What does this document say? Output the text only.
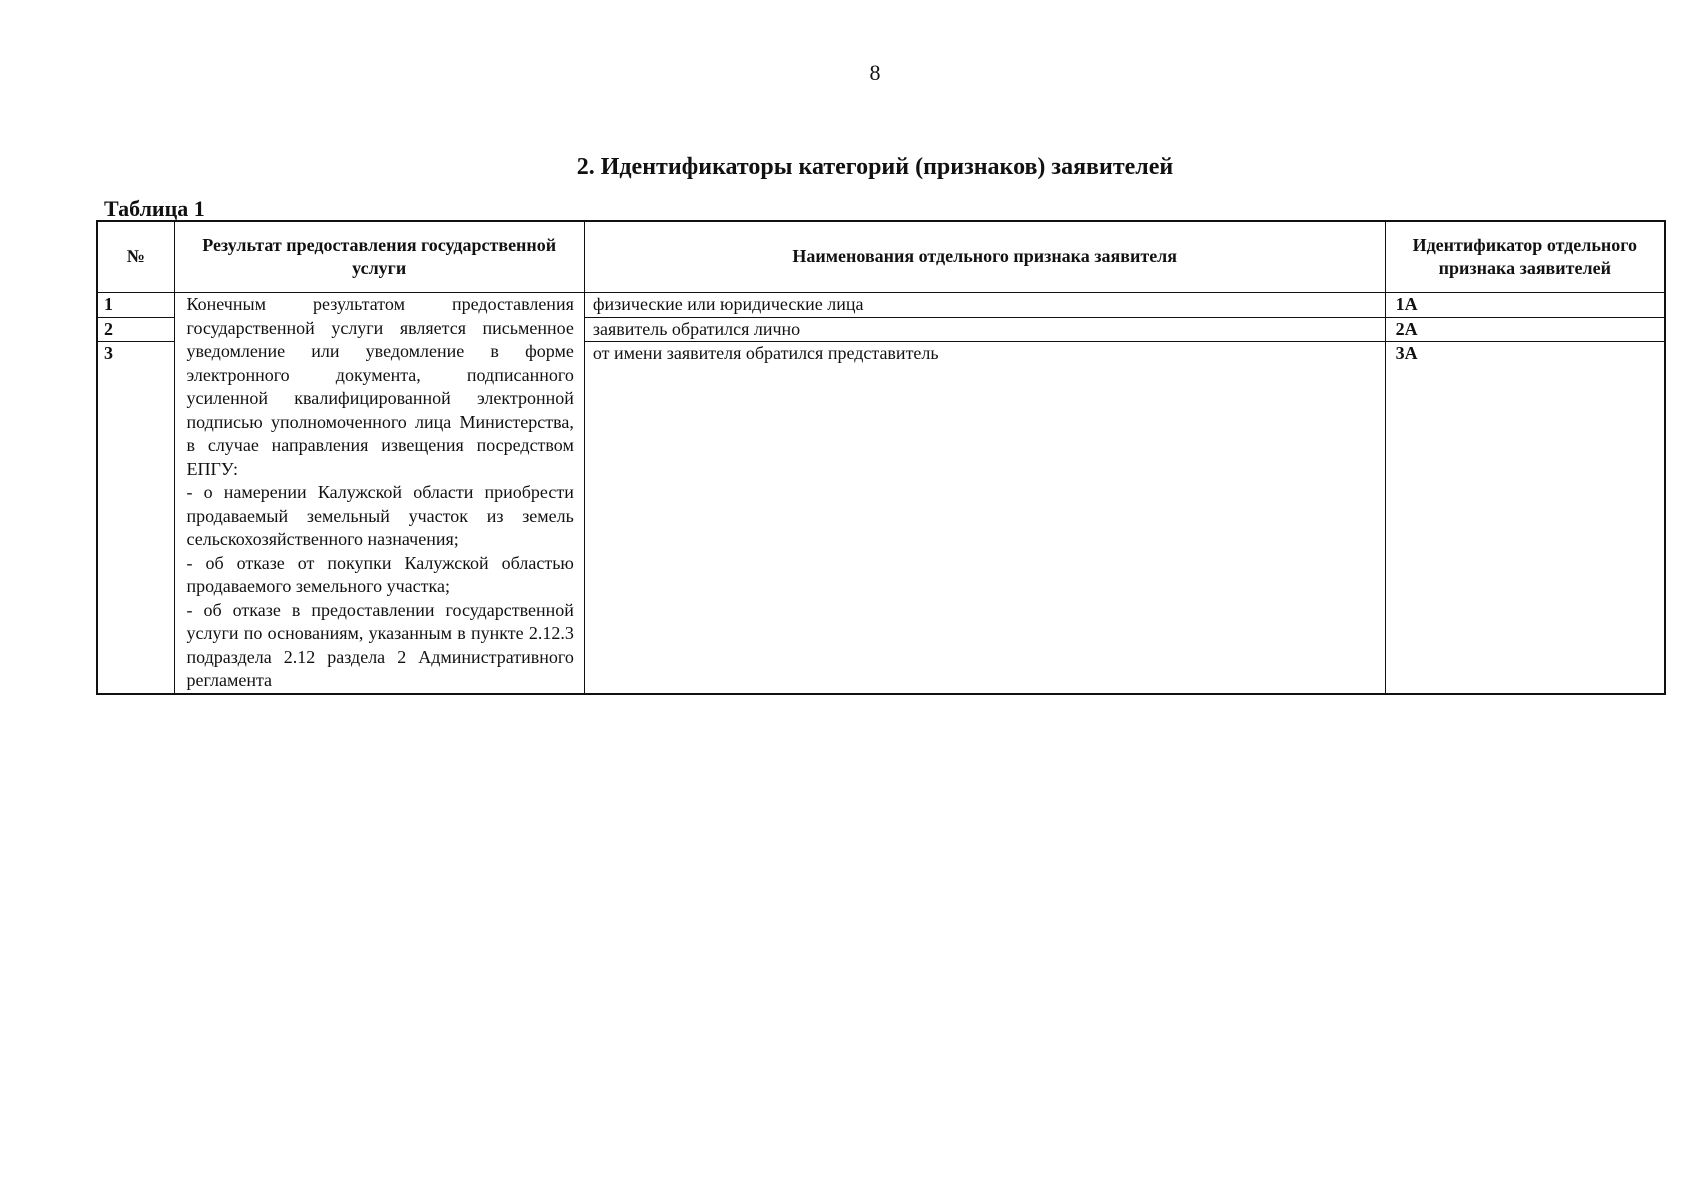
8
2. Идентификаторы категорий (признаков) заявителей
Таблица 1
№	Результат предоставления государственной услуги	Наименования отдельного признака заявителя	Идентификатор отдельного признака заявителей
1	Конечным результатом предоставления государственной услуги является письменное уведомление или уведомление в форме электронного документа, подписанного усиленной квалифицированной электронной подписью уполномоченного лица Министерства, в случае направления извещения посредством ЕПГУ:
- о намерении Калужской области приобрести продаваемый земельный участок из земель сельскохозяйственного назначения;
- об отказе от покупки Калужской областью продаваемого земельного участка;
- об отказе в предоставлении государственной услуги по основаниям, указанным в пункте 2.12.3 подраздела 2.12 раздела 2 Административного регламента	физические или юридические лица	1А
2		заявитель обратился лично	2А
3		от имени заявителя обратился представитель	3А
